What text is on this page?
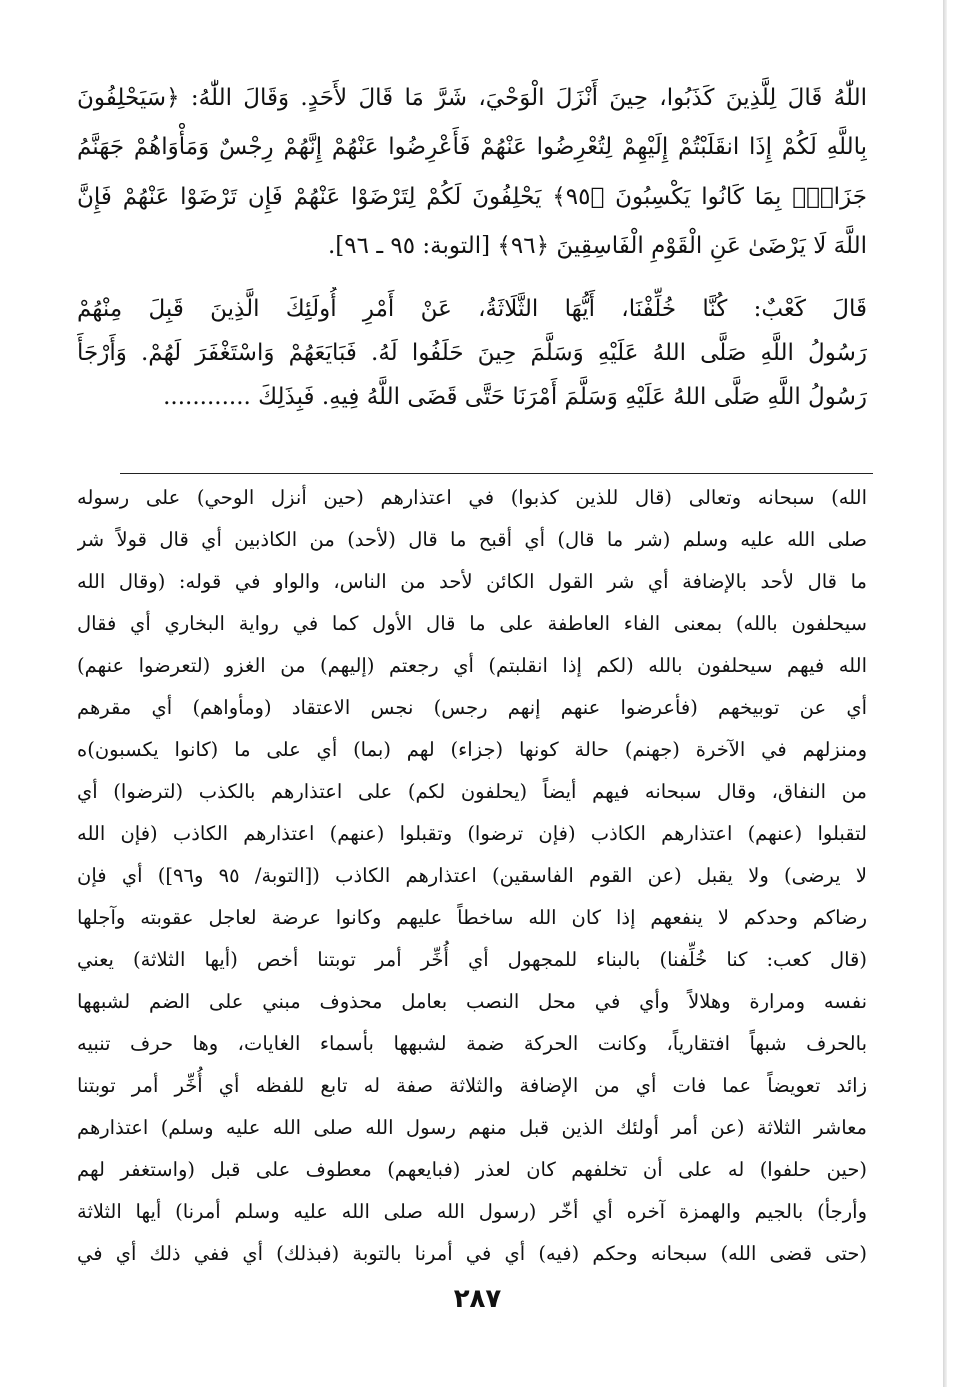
اللّٰهُ قَالَ لِلَّذِينَ كَذَبُوا، حِينَ أَنْزَلَ الْوَحْيَ، شَرَّ مَا قَالَ لأَحَدٍ. وَقَالَ اللّٰهُ: ﴿سَيَحْلِفُونَ
بِاللَّهِ لَكُمْ إِذَا انقَلَبْتُمْ إِلَيْهِمْ لِتُعْرِضُوا عَنْهُمْ فَأَعْرِضُوا عَنْهُمْ إِنَّهُمْ رِجْسٌ وَمَأْوَاهُمْ جَهَنَّمُ
جَزَاءًۢ بِمَا كَانُوا يَكْسِبُونَ ﴿٩٥﴾ يَحْلِفُونَ لَكُمْ لِتَرْضَوْا عَنْهُمْ فَإِن تَرْضَوْا عَنْهُمْ فَإِنَّ
اللَّهَ لَا يَرْضَىٰ عَنِ الْقَوْمِ الْفَاسِقِينَ ﴿٩٦﴾ [التوبة: ٩٥ ـ ٩٦].
قَالَ كَعْبٌ: كُنَّا خُلِّفْنَا، أَيُّهَا الثَّلَاثَةُ، عَنْ أَمْرِ أُولَئِكَ الَّذِينَ قَبِلَ مِنْهُمْ
رَسُولُ اللَّهِ صَلَّى اللهُ عَلَيْهِ وَسَلَّمَ حِينَ حَلَفُوا لَهُ. فَبَايَعَهُمْ وَاسْتَغْفَرَ لَهُمْ. وَأَرْجَأَ
رَسُولُ اللَّهِ صَلَّى اللهُ عَلَيْهِ وَسَلَّمَ أَمْرَنَا حَتَّى قَضَى اللَّهُ فِيهِ. فَبِذَلِكَ ............
الله) سبحانه وتعالى (قال للذين كذبوا) في اعتذارهم (حين أنزل الوحي) على رسوله
صلى الله عليه وسلم (شر ما قال) أي أقبح ما قال (لأحد) من الكاذبين أي قال قولاً شر
ما قال لأحد بالإضافة أي شر القول الكائن لأحد من الناس، والواو في قوله: (وقال الله
سيحلفون بالله) بمعنى الفاء العاطفة على ما قال الأول كما في رواية البخاري أي فقال
الله فيهم سيحلفون بالله (لكم إذا انقلبتم) أي رجعتم (إليهم) من الغزو (لتعرضوا عنهم)
أي عن توبيخهم (فأعرضوا عنهم إنهم رجس) نجس الاعتقاد (ومأواهم) أي مقرهم
ومنزلهم في الآخرة (جهنم) حالة كونها (جزاء) لهم (بما) أي على ما (كانوا يكسبون)ه
من النفاق، وقال سبحانه فيهم أيضاً (يحلفون لكم) على اعتذارهم بالكذب (لترضوا) أي
لتقبلوا (عنهم) اعتذارهم الكاذب (فإن ترضوا) وتقبلوا (عنهم) اعتذارهم الكاذب (فإن الله
لا يرضى) ولا يقبل (عن القوم الفاسقين) اعتذارهم الكاذب ([التوبة/ ٩٥ و٩٦]) أي فإن
رضاكم وحدكم لا ينفعهم إذا كان الله ساخطاً عليهم وكانوا عرضة لعاجل عقوبته وآجلها
(قال كعب: كنا خُلِّفنا) بالبناء للمجهول أي أُخِّر أمر توبتنا أخص (أيها الثلاثة) يعني
نفسه ومرارة وهلالاً وأي في محل النصب بعامل محذوف مبني على الضم لشبهها
بالحرف شبهاً افتقارياً، وكانت الحركة ضمة لشبهها بأسماء الغايات، وها حرف تنبيه
زائد تعويضاً عما فات أي من الإضافة والثلاثة صفة له تابع للفظه أي أُخِّر أمر توبتنا
معاشر الثلاثة (عن أمر أولئك الذين قبل منهم رسول الله صلى الله عليه وسلم) اعتذارهم
(حين حلفوا) له على أن تخلفهم كان لعذر (فبايعهم) معطوف على قبل (واستغفر لهم
وأرجأ) بالجيم والهمزة آخره أي أخّر (رسول الله صلى الله عليه وسلم أمرنا) أيها الثلاثة
(حتى قضى الله) سبحانه وحكم (فيه) أي في أمرنا بالتوبة (فبذلك) أي ففي ذلك أي في
٢٨٧
